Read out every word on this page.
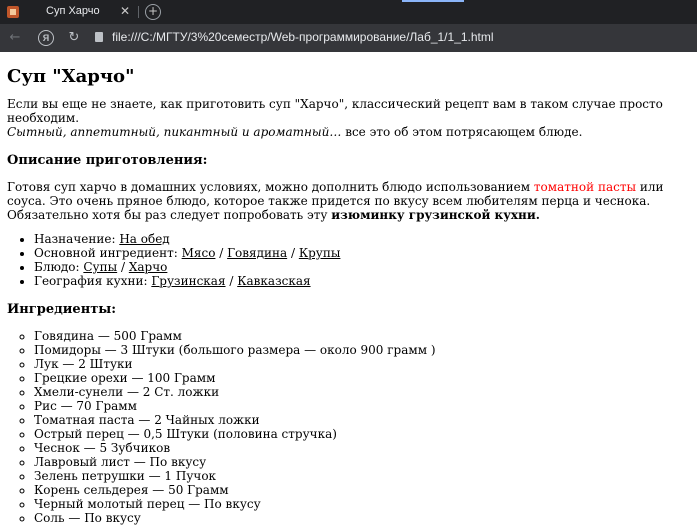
Суп Харчо ✕ +
←	Я	↻	file:///C:/МГТУ/3%20семестр/Web-программирование/Лаб_1/1_1.html
Суп "Харчо"

Если вы еще не знаете, как приготовить суп "Харчо", классический рецепт вам в таком случае просто необходим.
Сытный, аппетитный, пикантный и ароматный… все это об этом потрясающем блюде.

Описание приготовления:

Готовя суп харчо в домашних условиях, можно дополнить блюдо использованием томатной пасты или соуса. Это очень пряное блюдо, которое также придется по вкусу всем любителям перца и чеснока. Обязательно хотя бы раз следует попробовать эту изюминку грузинской кухни.

• Назначение: На обед
• Основной ингредиент: Мясо / Говядина / Крупы
• Блюдо: Супы / Харчо
• География кухни: Грузинская / Кавказская
Ингредиенты:
◦ Говядина — 500 Грамм
◦ Помидоры — 3 Штуки (большого размера — около 900 грамм )
◦ Лук — 2 Штуки
◦ Грецкие орехи — 100 Грамм
◦ Хмели-сунели — 2 Ст. ложки
◦ Рис — 70 Грамм
◦ Томатная паста — 2 Чайных ложки
◦ Острый перец — 0,5 Штуки (половина стручка)
◦ Чеснок — 5 Зубчиков
◦ Лавровый лист — По вкусу
◦ Зелень петрушки — 1 Пучок
◦ Корень сельдерея — 50 Грамм
◦ Черный молотый перец — По вкусу
◦ Соль — По вкусу
